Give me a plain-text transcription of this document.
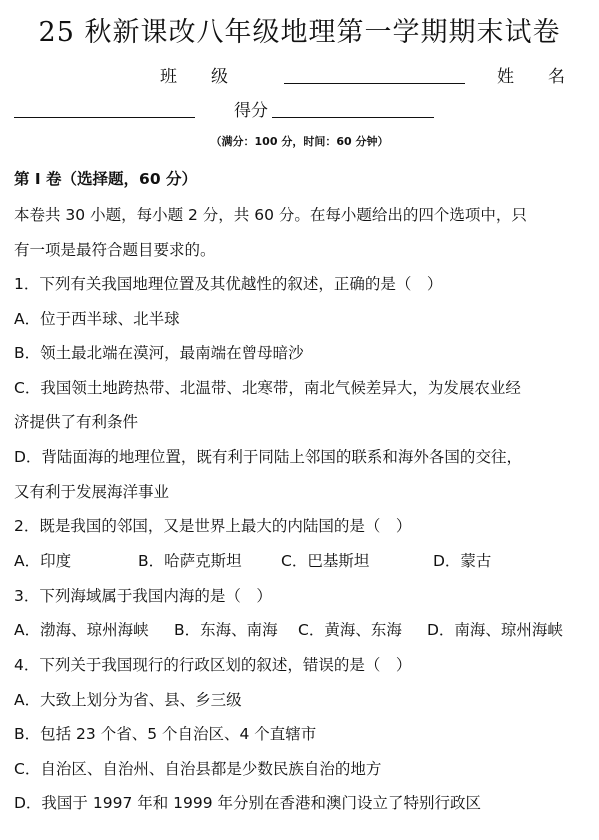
25 秋新课改八年级地理第一学期期末试卷
班　　级	姓　　名
得分
（满分：100 分，时间：60 分钟）
第 I 卷（选择题，60 分）
本卷共 30 小题，每小题 2 分，共 60 分。在每小题给出的四个选项中，只
有一项是最符合题目要求的。
1．下列有关我国地理位置及其优越性的叙述，正确的是（　）
A．位于西半球、北半球
B．领土最北端在漠河，最南端在曾母暗沙
C．我国领土地跨热带、北温带、北寒带，南北气候差异大，为发展农业经
济提供了有利条件
D．背陆面海的地理位置，既有利于同陆上邻国的联系和海外各国的交往，
又有利于发展海洋事业
2．既是我国的邻国，又是世界上最大的内陆国的是（　）
A．印度	B．哈萨克斯坦	C．巴基斯坦	D．蒙古
3．下列海域属于我国内海的是（　）
A．渤海、琼州海峡 B．东海、南海 C．黄海、东海 D．南海、琼州海峡
4．下列关于我国现行的行政区划的叙述，错误的是（　）
A．大致上划分为省、县、乡三级
B．包括 23 个省、5 个自治区、4 个直辖市
C．自治区、自治州、自治县都是少数民族自治的地方
D．我国于 1997 年和 1999 年分别在香港和澳门设立了特别行政区
